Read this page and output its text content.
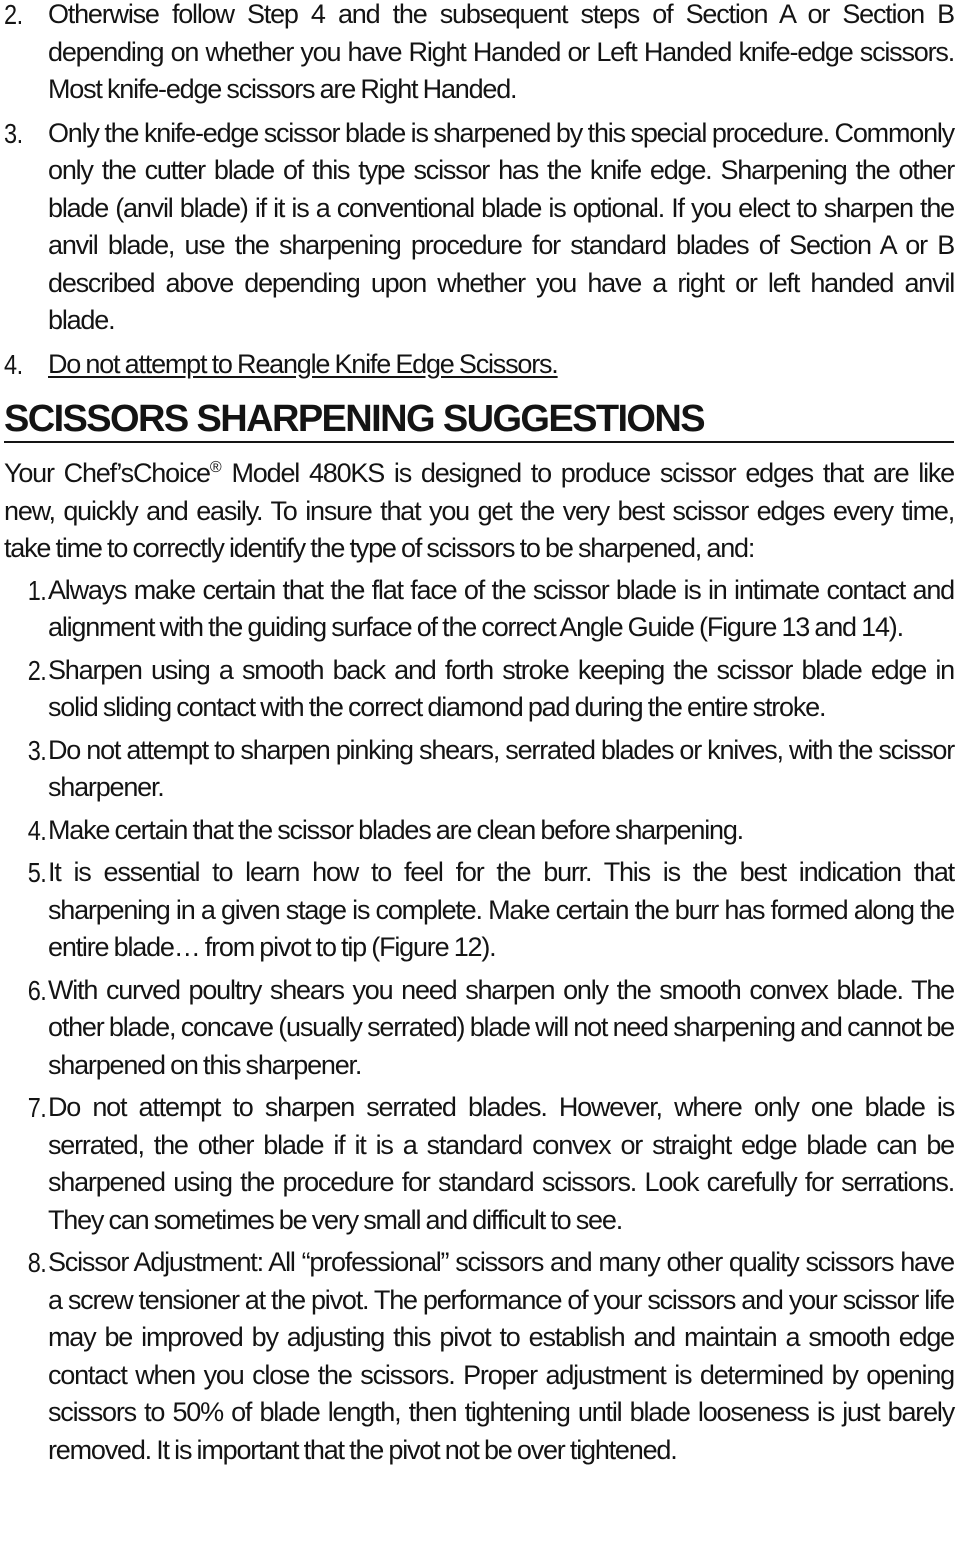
2. Otherwise follow Step 4 and the subsequent steps of Section A or Section B depending on whether you have Right Handed or Left Handed knife-edge scissors. Most knife-edge scissors are Right Handed.
3. Only the knife-edge scissor blade is sharpened by this special procedure. Commonly only the cutter blade of this type scissor has the knife edge. Sharpening the other blade (anvil blade) if it is a conventional blade is optional. If you elect to sharpen the anvil blade, use the sharpening procedure for standard blades of Section A or B described above depending upon whether you have a right or left handed anvil blade.
4. Do not attempt to Reangle Knife Edge Scissors.
SCISSORS SHARPENING SUGGESTIONS

Your Chef’sChoice® Model 480KS is designed to produce scissor edges that are like new, quickly and easily. To insure that you get the very best scissor edges every time, take time to correctly identify the type of scissors to be sharpened, and:

1. Always make certain that the flat face of the scissor blade is in intimate contact and alignment with the guiding surface of the correct Angle Guide (Figure 13 and 14).
2. Sharpen using a smooth back and forth stroke keeping the scissor blade edge in solid sliding contact with the correct diamond pad during the entire stroke.
3. Do not attempt to sharpen pinking shears, serrated blades or knives, with the scissor sharpener.
4. Make certain that the scissor blades are clean before sharpening.
5. It is essential to learn how to feel for the burr. This is the best indication that sharpening in a given stage is complete. Make certain the burr has formed along the entire blade… from pivot to tip (Figure 12).
6. With curved poultry shears you need sharpen only the smooth convex blade. The other blade, concave (usually serrated) blade will not need sharpening and cannot be sharpened on this sharpener.
7. Do not attempt to sharpen serrated blades. However, where only one blade is serrated, the other blade if it is a standard convex or straight edge blade can be sharpened using the procedure for standard scissors. Look carefully for serrations. They can sometimes be very small and difficult to see.
8. Scissor Adjustment: All “professional” scissors and many other quality scissors have a screw tensioner at the pivot. The performance of your scissors and your scissor life may be improved by adjusting this pivot to establish and maintain a smooth edge contact when you close the scissors. Proper adjustment is determined by opening scissors to 50% of blade length, then tightening until blade looseness is just barely removed. It is important that the pivot not be over tightened.
